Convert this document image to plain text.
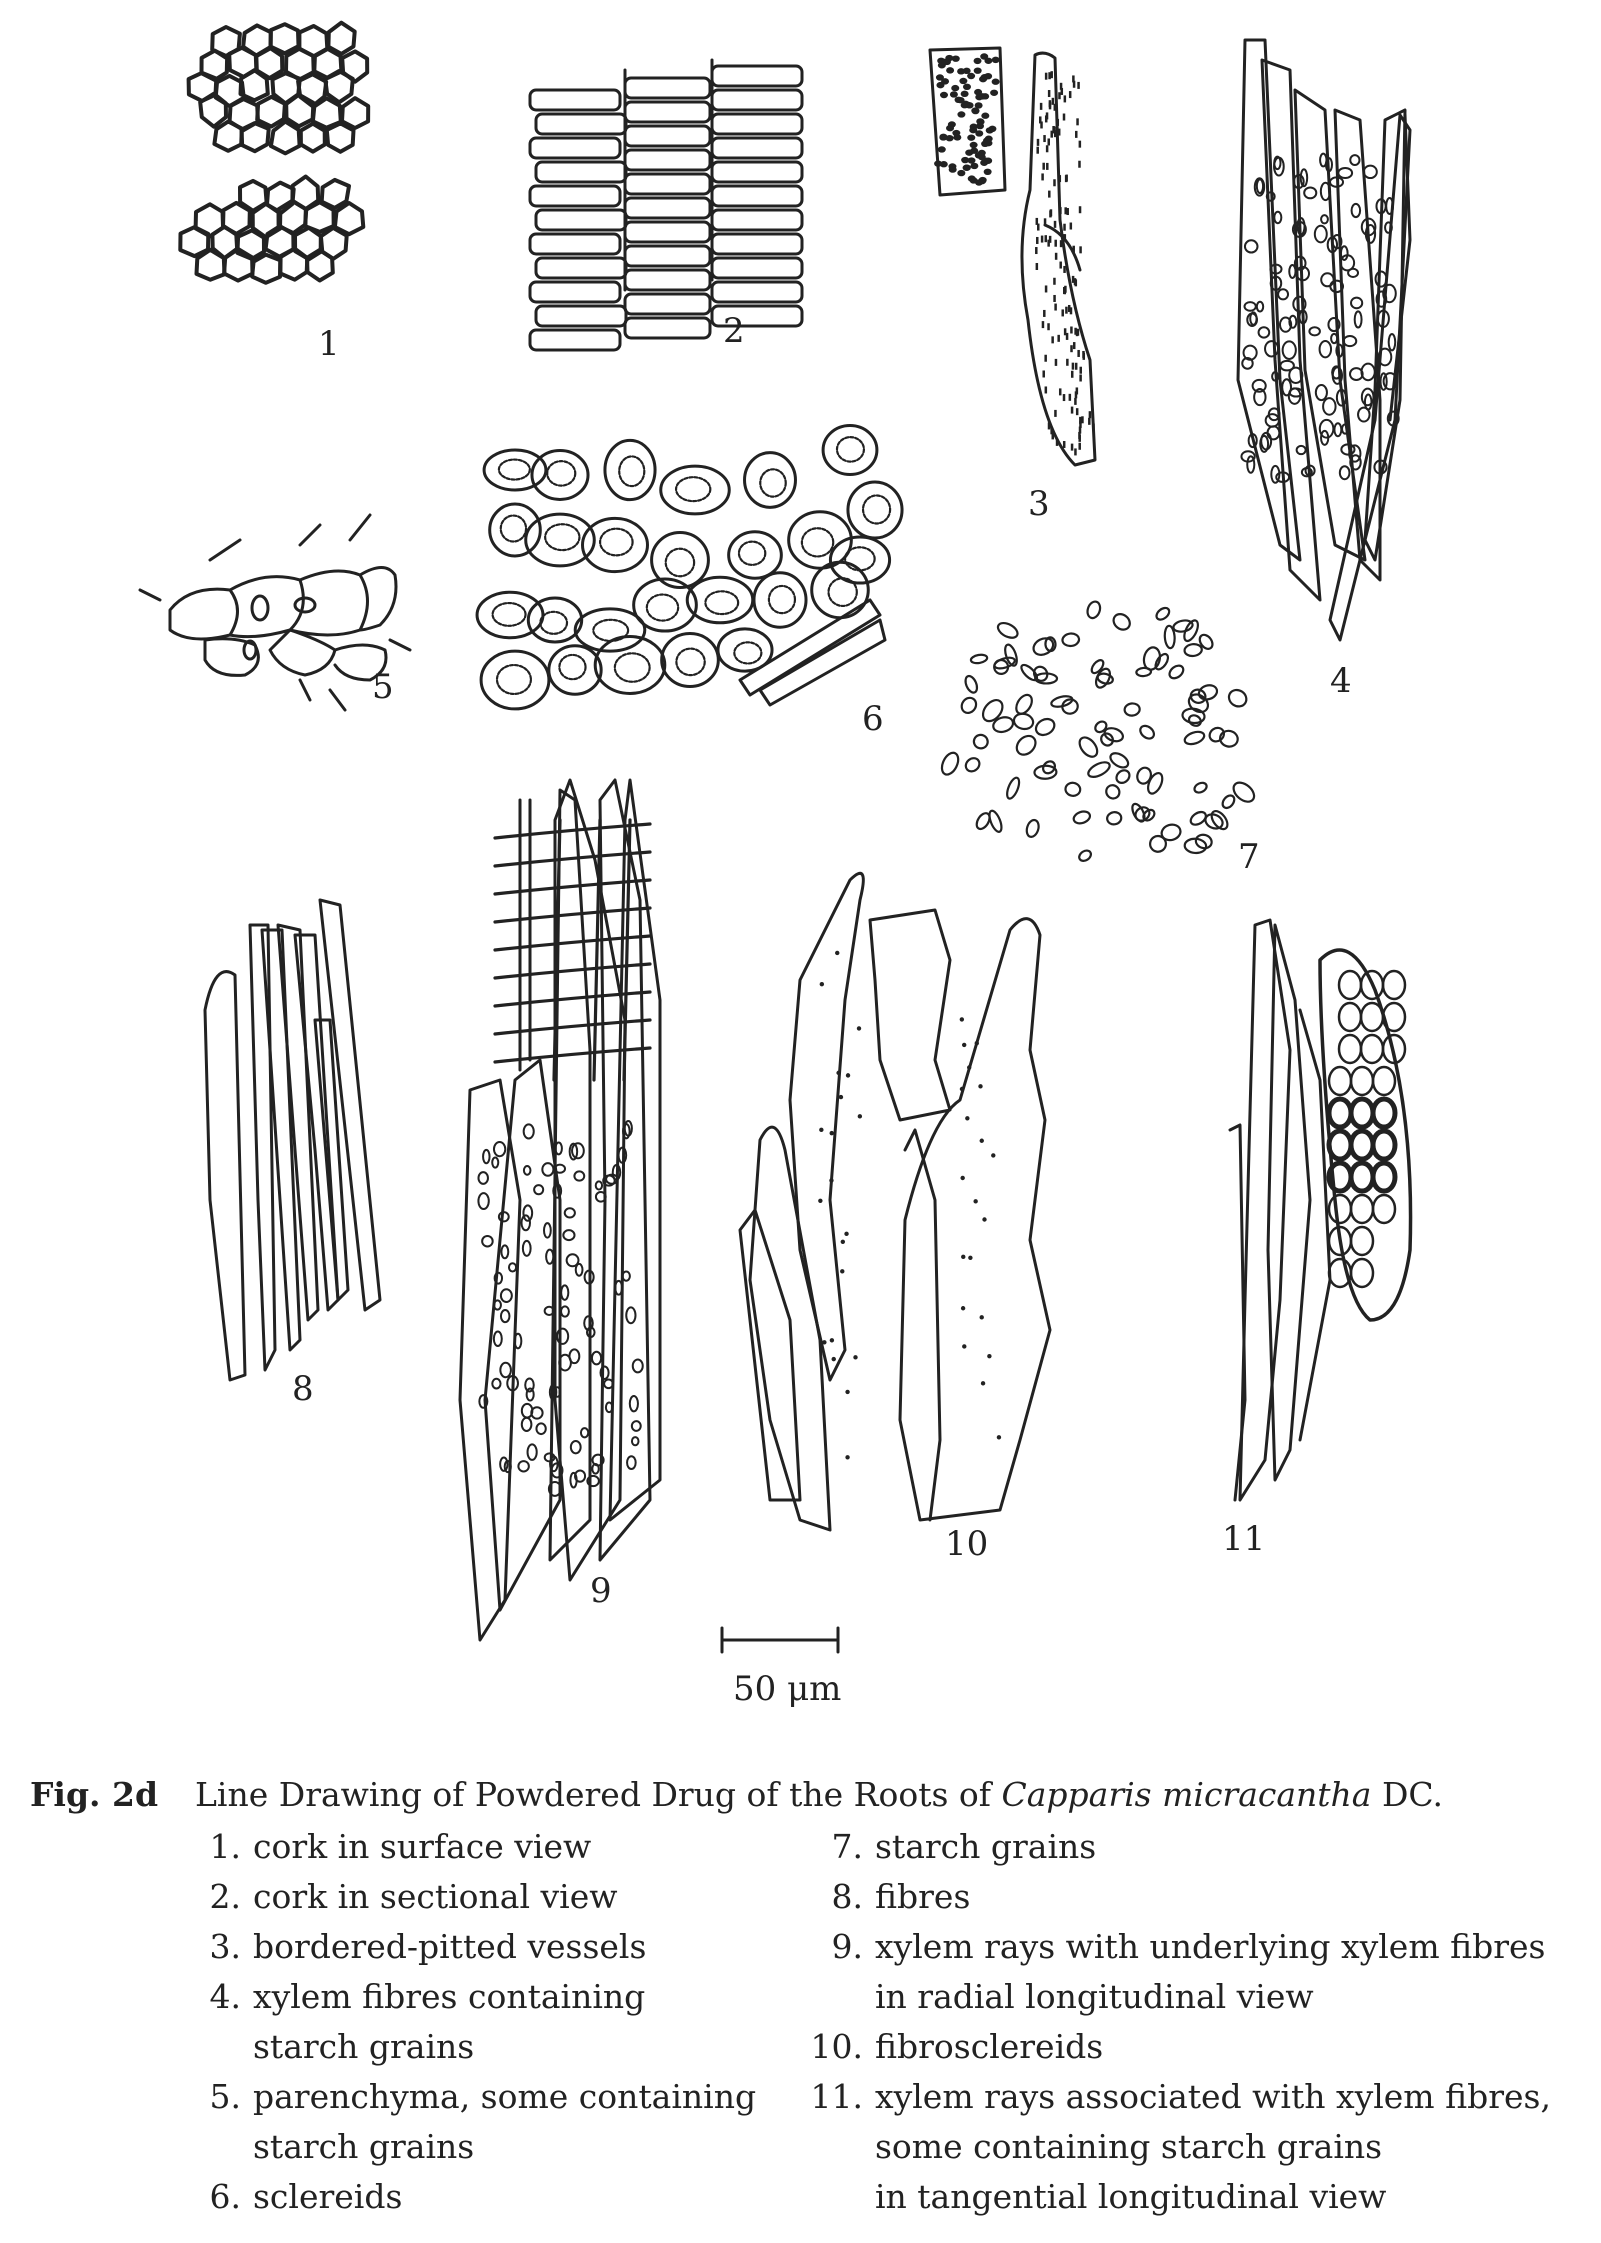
1	2
3
4
5
6
7
8
9
10	11
50 μm
Fig. 2d	Line Drawing of Powdered Drug of the Roots of Capparis micracantha DC.
1. cork in surface view
2. cork in sectional view
3. bordered-pitted vessels
4. xylem fibres containing
starch grains
5. parenchyma, some containing
starch grains
6. sclereids
7. starch grains
8. fibres
9. xylem rays with underlying xylem fibres
in radial longitudinal view
10. fibrosclereids
11. xylem rays associated with xylem fibres,
some containing starch grains
in tangential longitudinal view
